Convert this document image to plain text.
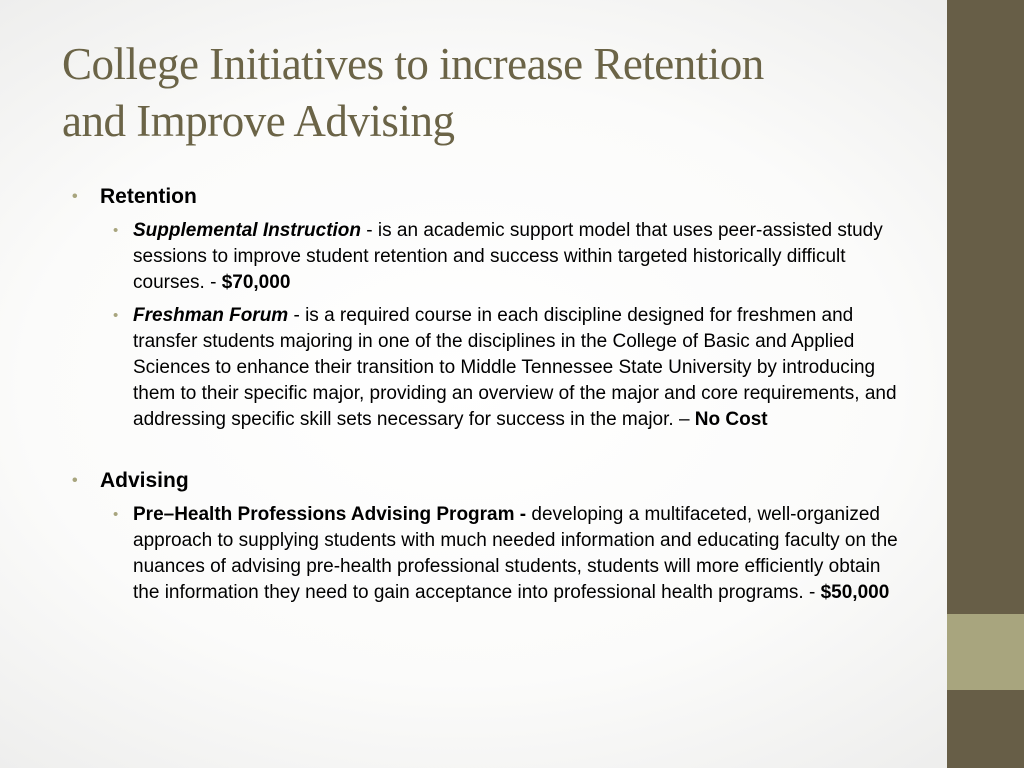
College Initiatives to increase Retention
and Improve Advising
• Retention
• Supplemental Instruction - is an academic support model that uses peer-assisted study sessions to improve student retention and success within targeted historically difficult courses. - $70,000
• Freshman Forum - is a required course in each discipline designed for freshmen and transfer students majoring in one of the disciplines in the College of Basic and Applied Sciences to enhance their transition to Middle Tennessee State University by introducing them to their specific major, providing an overview of the major and core requirements, and addressing specific skill sets necessary for success in the major. – No Cost
• Advising
• Pre–Health Professions Advising Program - developing a multifaceted, well-organized approach to supplying students with much needed information and educating faculty on the nuances of advising pre-health professional students, students will more efficiently obtain the information they need to gain acceptance into professional health programs. - $50,000
